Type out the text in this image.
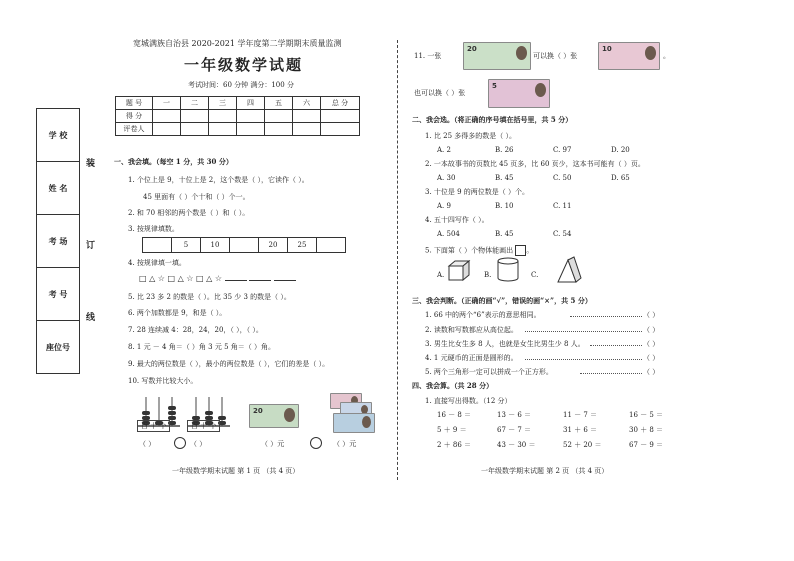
宽城满族自治县 2020-2021 学年度第二学期期末质量监测
一年级数学试题
考试时间：60 分钟 满分：100 分
题 号	一	二	三	四	五	六	总 分
得 分							
评卷人							
学 校
姓 名
考 场
考 号
座位号
装
订
线
一、我会填。（每空 1 分，共 30 分）
1. 个位上是 9，十位上是 2，这个数是（ ），它读作（ ）。
45 里面有（ ）个十和（ ）个一。
2. 和 70 相邻的两个数是（ ）和（ ）。
3. 按规律填数。
	5	10		20	25	
4. 按规律填一填。
□ △ ☆ □ △ ☆ □ △ ☆
5. 比 23 多 2 的数是（ ）。比 35 少 3 的数是（ ）。
6. 两个加数都是 9，和是（ ）。
7. 28 连续减 4：28，24，20，（ ），（ ）。
8. 1 元 － 4 角＝（ ）角 3 元 5 角＝（ ）角。
9. 最大的两位数是（ ），最小的两位数是（ ），它们的差是（ ）。
10. 写数并比较大小。
百 十 个	百 十 个
（ ）	（ ）
20
（ ）元	（ ）元
一年级数学期末试题 第 1 页 （共 4 页）
11. 一张
20
可以换（ ）张
10
。
也可以换（ ）张
5
二、我会选。（将正确的序号填在括号里，共 5 分）
1. 比 25 多得多的数是（ ）。
A. 2	B. 26	C. 97	D. 20
2. 一本故事书的页数比 45 页多，比 60 页少，这本书可能有（ ）页。
A. 30	B. 45	C. 50	D. 65
3. 十位是 9 的两位数是（ ）个。
A. 9	B. 10	C. 11
4. 五十四写作（ ）。
A. 504	B. 45	C. 54
5. 下面第（ ）个物体能画出 。
A.	B.	C.
三、我会判断。（正确的画“√”，错误的画“×”，共 5 分）
1. 66 中的两个“6”表示的意思相同。	（ ）
2. 读数和写数都应从高位起。	（ ）
3. 男生比女生多 8 人，也就是女生比男生少 8 人。	（ ）
4. 1 元硬币的正面是圆形的。	（ ）
5. 两个三角形一定可以拼成一个正方形。	（ ）
四、我会算。（共 28 分）
1. 直接写出得数。（12 分）
16 － 8 ＝	13 － 6 ＝	11 － 7 ＝	16 － 5 ＝
5 ＋ 9 ＝	67 － 7 ＝	31 ＋ 6 ＝	30 ＋ 8 ＝
2 ＋ 86 ＝	43 － 30 ＝	52 ＋ 20 ＝	67 － 9 ＝
一年级数学期末试题 第 2 页 （共 4 页）
